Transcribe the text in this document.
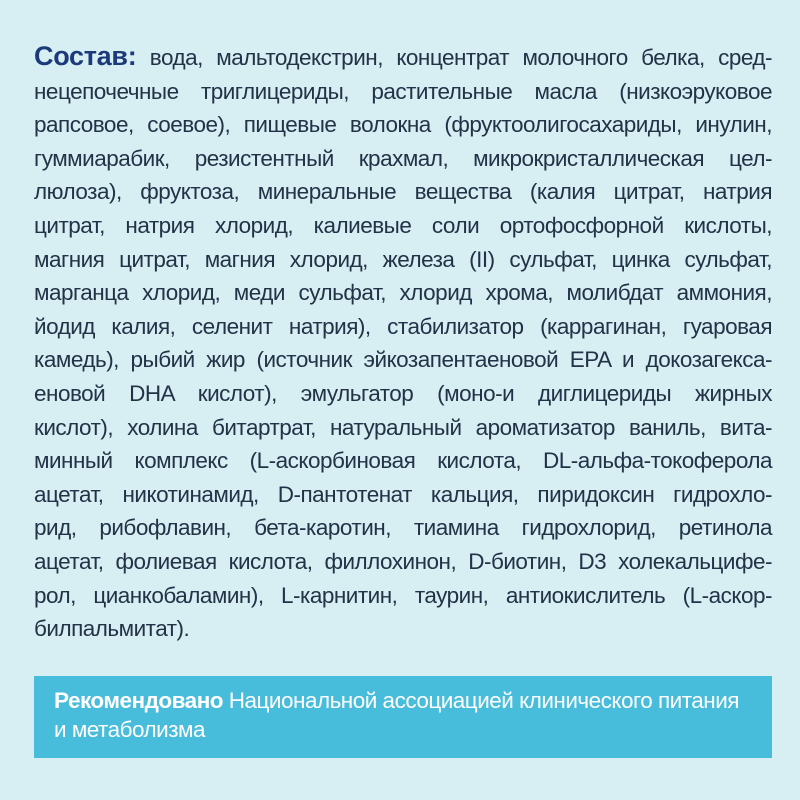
Состав: вода, мальтодекстрин, концентрат молочного белка, сред-
нецепочечные триглицериды, растительные масла (низкоэруковое
рапсовое, соевое), пищевые волокна (фруктоолигосахариды, инулин,
гуммиарабик, резистентный крахмал, микрокристаллическая цел-
люлоза), фруктоза, минеральные вещества (калия цитрат, натрия
цитрат, натрия хлорид, калиевые соли ортофосфорной кислоты,
магния цитрат, магния хлорид, железа (II) сульфат, цинка сульфат,
марганца хлорид, меди сульфат, хлорид хрома, молибдат аммония,
йодид калия, селенит натрия), стабилизатор (каррагинан, гуаровая
камедь), рыбий жир (источник эйкозапентаеновой EPA и докозагекса-
еновой DHA кислот), эмульгатор (моно-и диглицериды жирных
кислот), холина битартрат, натуральный ароматизатор ваниль, вита-
минный комплекс (L-аскорбиновая кислота, DL-альфа-токоферола
ацетат, никотинамид, D-пантотенат кальция, пиридоксин гидрохло-
рид, рибофлавин, бета-каротин, тиамина гидрохлорид, ретинола
ацетат, фолиевая кислота, филлохинон, D-биотин, D3 холекальцифе-
рол, цианкобаламин), L-карнитин, таурин, антиокислитель (L-аскор-
билпальмитат).
Рекомендовано Национальной ассоциацией клинического питания
и метаболизма
